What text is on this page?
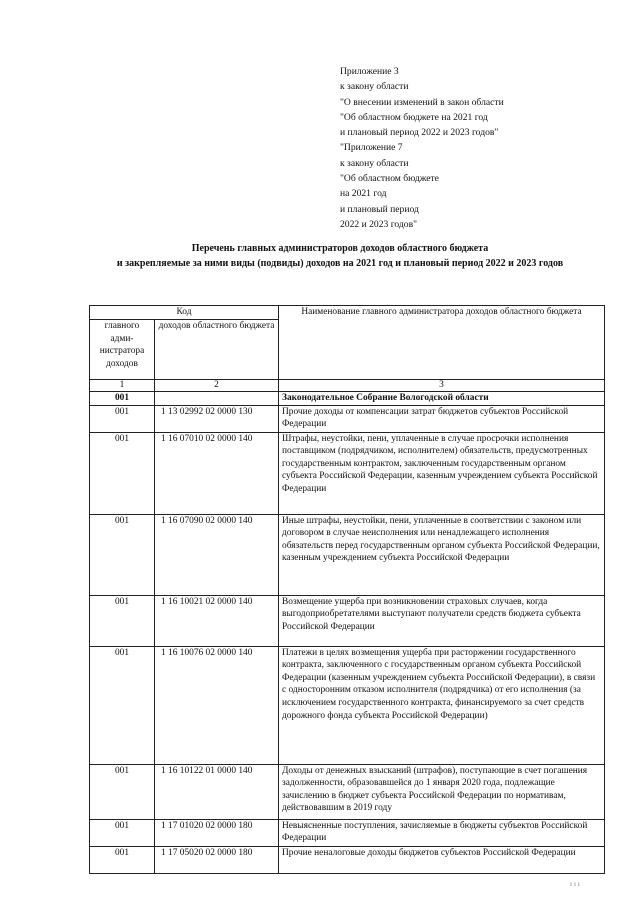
Приложение 3
к закону области
"О внесении изменений в закон области
"Об областном бюджете на 2021 год
и плановый период 2022 и 2023 годов"
"Приложение 7
к закону области
"Об областном бюджете
на 2021 год
и плановый период
2022 и 2023 годов"
Перечень главных администраторов доходов областного бюджета
и закрепляемые за ними виды (подвиды) доходов на 2021 год и плановый период 2022 и 2023 годов
Код		Наименование главного администратора доходов областного бюджета
главного адми-нистратора доходов	доходов областного бюджета	
1	2	3
001		Законодательное Собрание Вологодской области
001	1 13 02992 02 0000 130	Прочие доходы от компенсации затрат бюджетов субъектов Российской Федерации
001	1 16 07010 02 0000 140	Штрафы, неустойки, пени, уплаченные в случае просрочки исполнения поставщиком (подрядчиком, исполнителем) обязательств, предусмотренных государственным контрактом, заключенным государственным органом субъекта Российской Федерации, казенным учреждением субъекта Российской Федерации
001	1 16 07090 02 0000 140	Иные штрафы, неустойки, пени, уплаченные в соответствии с законом или договором в случае неисполнения или ненадлежащего исполнения обязательств перед государственным органом субъекта Российской Федерации, казенным учреждением субъекта Российской Федерации
001	1 16 10021 02 0000 140	Возмещение ущерба при возникновении страховых случаев, когда выгодоприобретателями выступают получатели средств бюджета субъекта Российской Федерации
001	1 16 10076 02 0000 140	Платежи в целях возмещения ущерба при расторжении государственного контракта, заключенного с государственным органом субъекта Российской Федерации (казенным учреждением субъекта Российской Федерации), в связи с односторонним отказом исполнителя (подрядчика) от его исполнения (за исключением государственного контракта, финансируемого за счет средств дорожного фонда субъекта Российской Федерации)
001	1 16 10122 01 0000 140	Доходы от денежных взысканий (штрафов), поступающие в счет погашения задолженности, образовавшейся до 1 января 2020 года, подлежащие зачислению в бюджет субъекта Российской Федерации по нормативам, действовавшим в 2019 году
001	1 17 01020 02 0000 180	Невыясненные поступления, зачисляемые в бюджеты субъектов Российской Федерации
001	1 17 05020 02 0000 180	Прочие неналоговые доходы бюджетов субъектов Российской Федерации
ııı
